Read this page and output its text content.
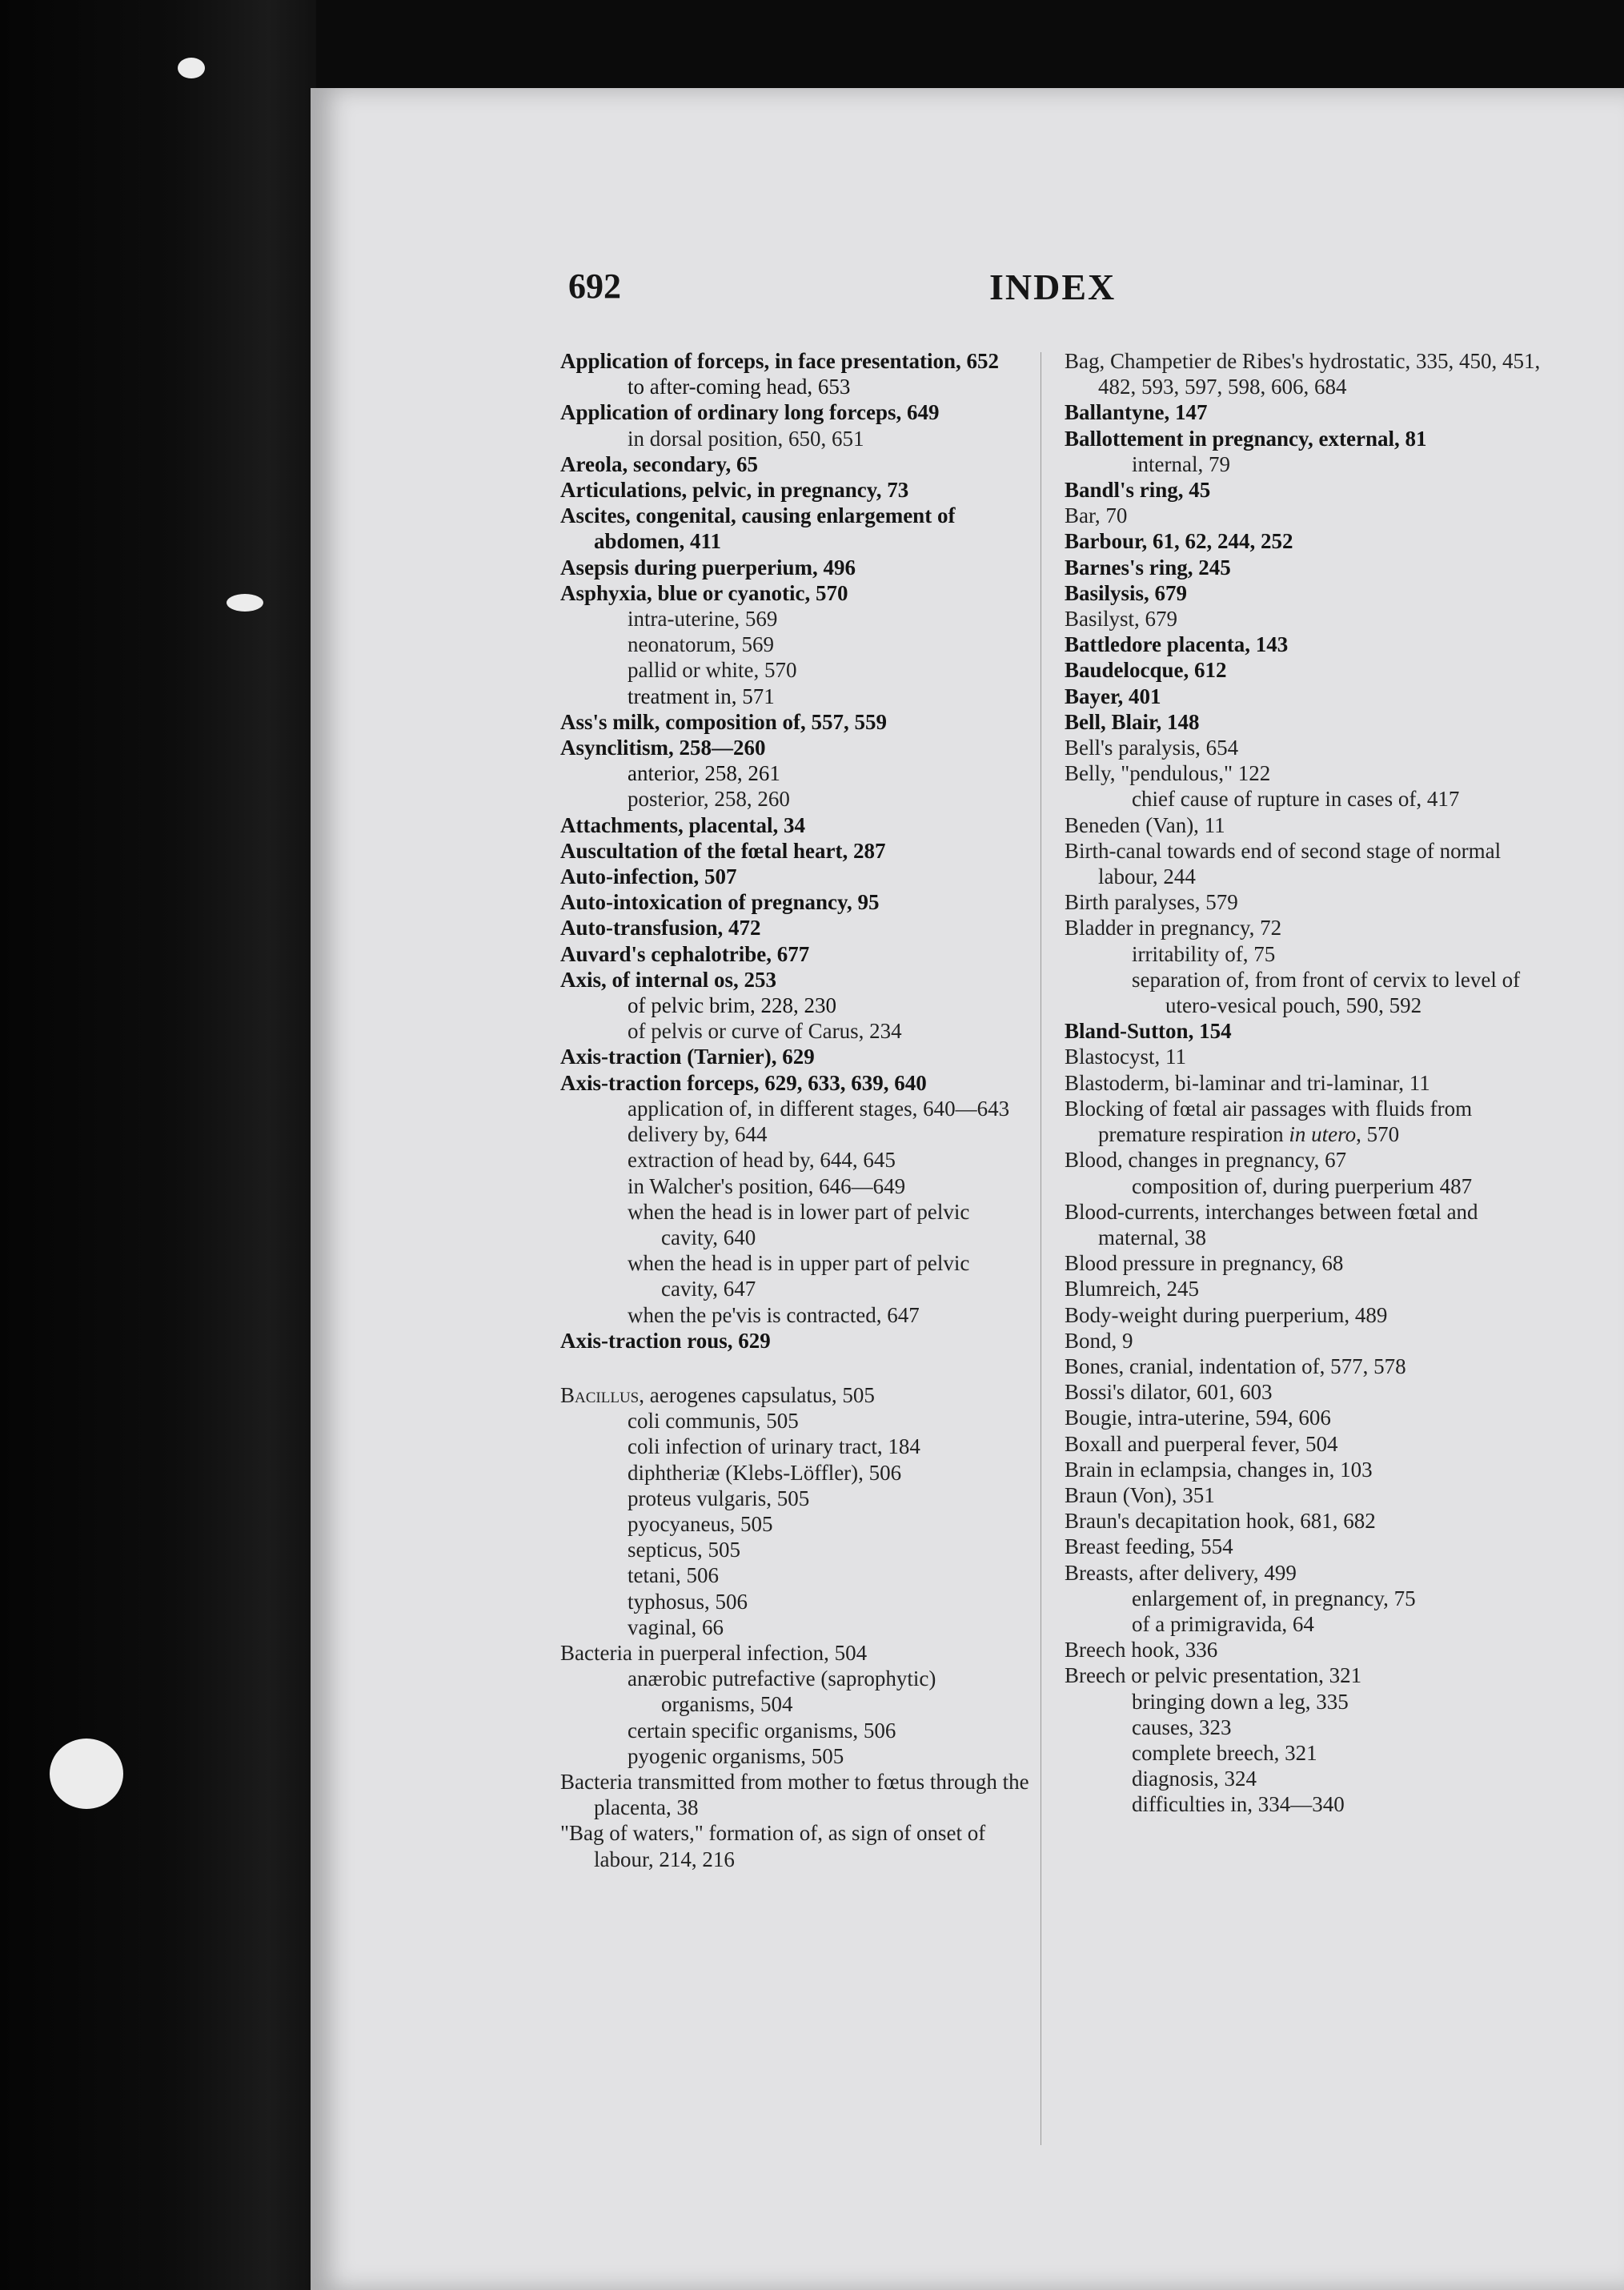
692	INDEX
Application of forceps, in face presentation, 652
to after-coming head, 653
Application of ordinary long forceps, 649
in dorsal position, 650, 651
Areola, secondary, 65
Articulations, pelvic, in pregnancy, 73
Ascites, congenital, causing enlargement of abdomen, 411
Asepsis during puerperium, 496
Asphyxia, blue or cyanotic, 570
intra-uterine, 569
neonatorum, 569
pallid or white, 570
treatment in, 571
Ass's milk, composition of, 557, 559
Asynclitism, 258—260
anterior, 258, 261
posterior, 258, 260
Attachments, placental, 34
Auscultation of the fœtal heart, 287
Auto-infection, 507
Auto-intoxication of pregnancy, 95
Auto-transfusion, 472
Auvard's cephalotribe, 677
Axis, of internal os, 253
of pelvic brim, 228, 230
of pelvis or curve of Carus, 234
Axis-traction (Tarnier), 629
Axis-traction forceps, 629, 633, 639, 640
application of, in different stages, 640—643
delivery by, 644
extraction of head by, 644, 645
in Walcher's position, 646—649
when the head is in lower part of pelvic cavity, 640
when the head is in upper part of pelvic cavity, 647
when the pe'vis is contracted, 647
Axis-traction rous, 629
Bacillus, aerogenes capsulatus, 505
coli communis, 505
coli infection of urinary tract, 184
diphtheriæ (Klebs-Löffler), 506
proteus vulgaris, 505
pyocyaneus, 505
septicus, 505
tetani, 506
typhosus, 506
vaginal, 66
Bacteria in puerperal infection, 504
anærobic putrefactive (saprophytic) organisms, 504
certain specific organisms, 506
pyogenic organisms, 505
Bacteria transmitted from mother to fœtus through the placenta, 38
"Bag of waters," formation of, as sign of onset of labour, 214, 216
Bag, Champetier de Ribes's hydrostatic, 335, 450, 451, 482, 593, 597, 598, 606, 684
Ballantyne, 147
Ballottement in pregnancy, external, 81
internal, 79
Bandl's ring, 45
Bar, 70
Barbour, 61, 62, 244, 252
Barnes's ring, 245
Basilysis, 679
Basilyst, 679
Battledore placenta, 143
Baudelocque, 612
Bayer, 401
Bell, Blair, 148
Bell's paralysis, 654
Belly, "pendulous," 122
chief cause of rupture in cases of, 417
Beneden (Van), 11
Birth-canal towards end of second stage of normal labour, 244
Birth paralyses, 579
Bladder in pregnancy, 72
irritability of, 75
separation of, from front of cervix to level of utero-vesical pouch, 590, 592
Bland-Sutton, 154
Blastocyst, 11
Blastoderm, bi-laminar and tri-laminar, 11
Blocking of fœtal air passages with fluids from premature respiration in utero, 570
Blood, changes in pregnancy, 67
composition of, during puerperium 487
Blood-currents, interchanges between fœtal and maternal, 38
Blood pressure in pregnancy, 68
Blumreich, 245
Body-weight during puerperium, 489
Bond, 9
Bones, cranial, indentation of, 577, 578
Bossi's dilator, 601, 603
Bougie, intra-uterine, 594, 606
Boxall and puerperal fever, 504
Brain in eclampsia, changes in, 103
Braun (Von), 351
Braun's decapitation hook, 681, 682
Breast feeding, 554
Breasts, after delivery, 499
enlargement of, in pregnancy, 75
of a primigravida, 64
Breech hook, 336
Breech or pelvic presentation, 321
bringing down a leg, 335
causes, 323
complete breech, 321
diagnosis, 324
difficulties in, 334—340
